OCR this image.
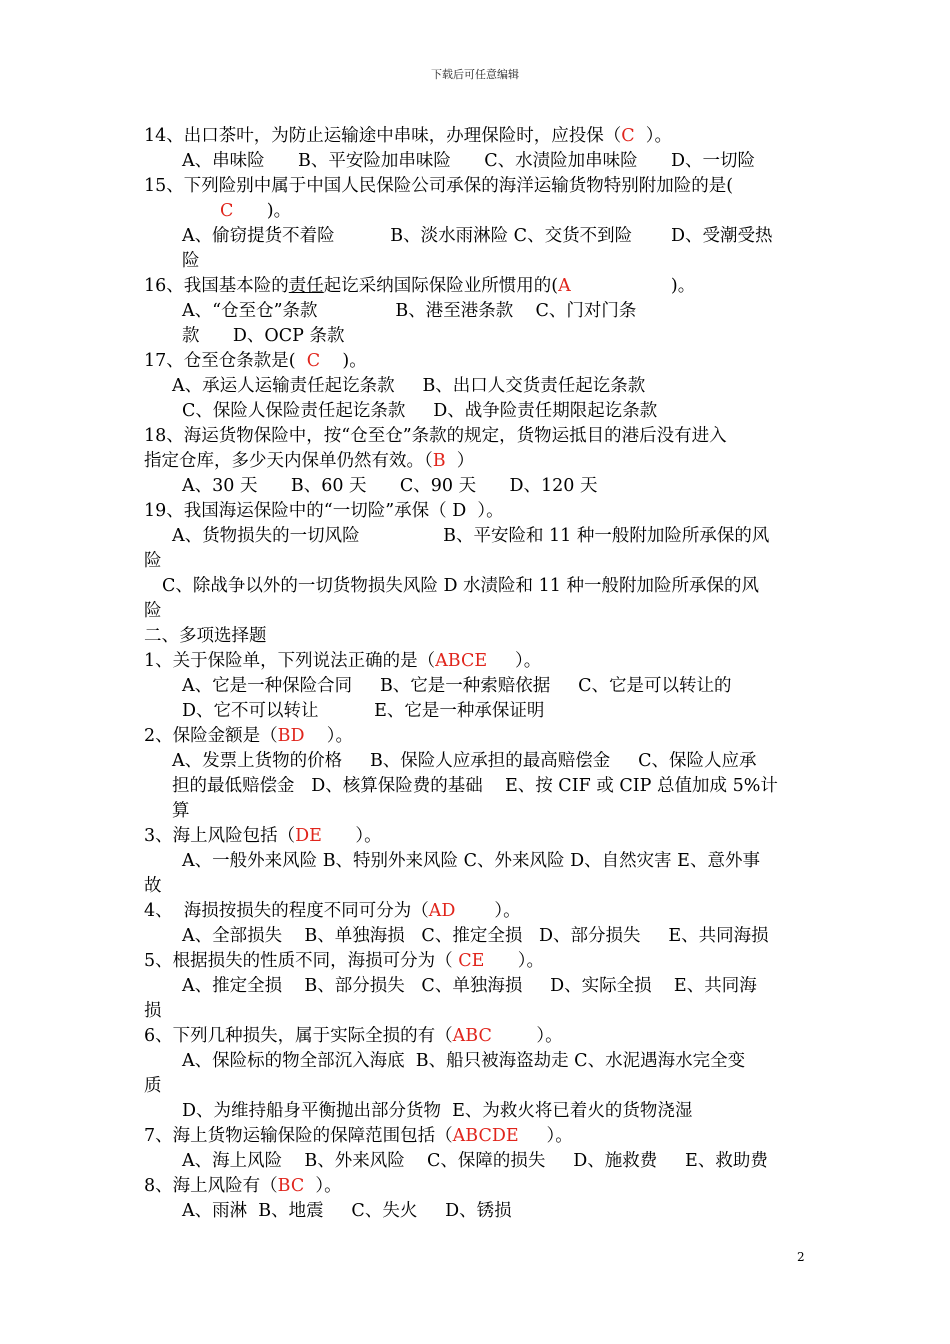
下载后可任意编辑
14、出口茶叶，为防止运输途中串味，办理保险时，应投保（C  ）。
A、串味险      B、平安险加串味险      C、水渍险加串味险      D、一切险
15、下列险别中属于中国人民保险公司承保的海洋运输货物特别附加险的是(
C      )。
A、偷窃提货不着险          B、淡水雨淋险 C、交货不到险       D、受潮受热
险
16、我国基本险的责任起讫采纳国际保险业所惯用的(A                  )。
A、“仓至仓”条款              B、港至港条款    C、门对门条
款      D、OCP 条款
17、仓至仓条款是(  C    )。
A、承运人运输责任起讫条款     B、出口人交货责任起讫条款
C、保险人保险责任起讫条款     D、战争险责任期限起讫条款
18、海运货物保险中，按“仓至仓”条款的规定，货物运抵目的港后没有进入
指定仓库，多少天内保单仍然有效。（B  ）
A、30 天      B、60 天      C、90 天      D、120 天
19、我国海运保险中的“一切险”承保（ D  ）。
A、货物损失的一切风险               B、平安险和 11 种一般附加险所承保的风
险
C、除战争以外的一切货物损失风险 D 水渍险和 11 种一般附加险所承保的风
险
二、多项选择题
1、关于保险单，下列说法正确的是（ABCE     ）。
A、它是一种保险合同     B、它是一种索赔依据     C、它是可以转让的
D、它不可以转让          E、它是一种承保证明
2、保险金额是（BD    ）。
A、发票上货物的价格     B、保险人应承担的最高赔偿金     C、保险人应承
担的最低赔偿金   D、核算保险费的基础    E、按 CIF 或 CIP 总值加成 5%计
算
3、海上风险包括（DE      ）。
A、一般外来风险 B、特别外来风险 C、外来风险 D、自然灾害 E、意外事
故
4、  海损按损失的程度不同可分为（AD       ）。
A、全部损失    B、单独海损   C、推定全损   D、部分损失     E、共同海损
5、根据损失的性质不同，海损可分为（ CE      ）。
A、推定全损    B、部分损失   C、单独海损     D、实际全损    E、共同海
损
6、下列几种损失，属于实际全损的有（ABC        ）。
A、保险标的物全部沉入海底  B、船只被海盗劫走 C、水泥遇海水完全变
质
D、为维持船身平衡抛出部分货物  E、为救火将已着火的货物浇湿
7、海上货物运输保险的保障范围包括（ABCDE     ）。
A、海上风险    B、外来风险    C、保障的损失     D、施救费     E、救助费
8、海上风险有（BC  ）。
A、雨淋  B、地震     C、失火     D、锈损
2
